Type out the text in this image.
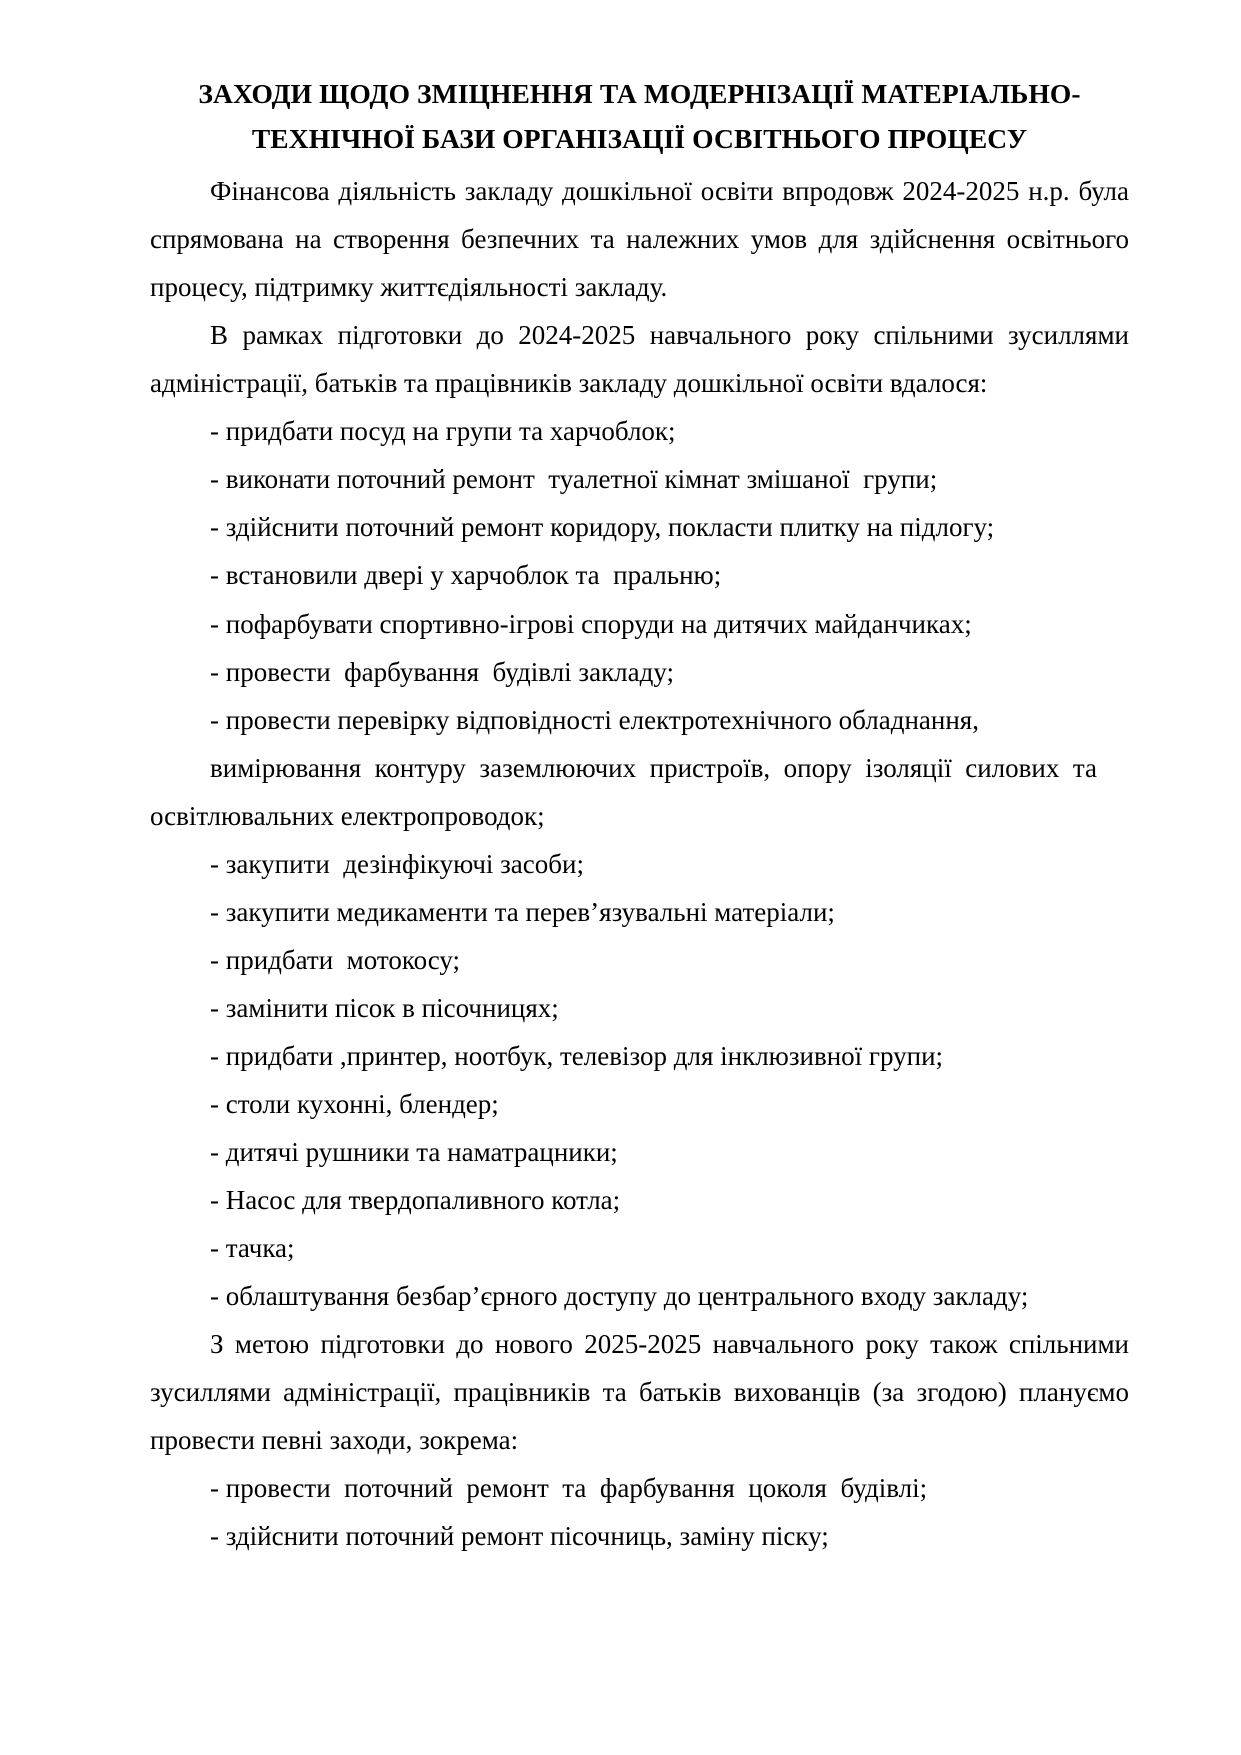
ЗАХОДИ ЩОДО ЗМІЦНЕННЯ ТА МОДЕРНІЗАЦІЇ МАТЕРІАЛЬНО-ТЕХНІЧНОЇ БАЗИ ОРГАНІЗАЦІЇ ОСВІТНЬОГО ПРОЦЕСУ

Фінансова діяльність закладу дошкільної освіти впродовж 2024-2025 н.р. була спрямована на створення безпечних та належних умов для здійснення освітнього процесу, підтримку життєдіяльності закладу.

В рамках підготовки до 2024-2025 навчального року спільними зусиллями адміністрації, батьків та працівників закладу дошкільної освіти вдалося:

- придбати посуд на групи та харчоблок;

- виконати поточний ремонт  туалетної кімнат змішаної  групи;

- здійснити поточний ремонт коридору, покласти плитку на підлогу;

- встановили двері у харчоблок та  пральню;

- пофарбувати спортивно-ігрові споруди на дитячих майданчиках;

- провести  фарбування  будівлі закладу;

- провести перевірку відповідності електротехнічного обладнання,

вимірювання  контуру  заземлюючих  пристроїв,  опору  ізоляції  силових  та

освітлювальних електропроводок;

- закупити  дезінфікуючі засоби;

- закупити медикаменти та перев’язувальні матеріали;

- придбати  мотокосу;

- замінити пісок в пісочницях;

- придбати ,принтер, ноотбук, телевізор для інклюзивної групи;

- столи кухонні, блендер;

- дитячі рушники та наматрацники;

- Насос для твердопаливного котла;

- тачка;

- облаштування безбар’єрного доступу до центрального входу закладу;

З метою підготовки до нового 2025-2025 навчального року також спільними зусиллями адміністрації, працівників та батьків вихованців (за згодою) плануємо провести певні заходи, зокрема:

- провести  поточний  ремонт  та  фарбування  цоколя  будівлі;

- здійснити поточний ремонт пісочниць, заміну піску;
